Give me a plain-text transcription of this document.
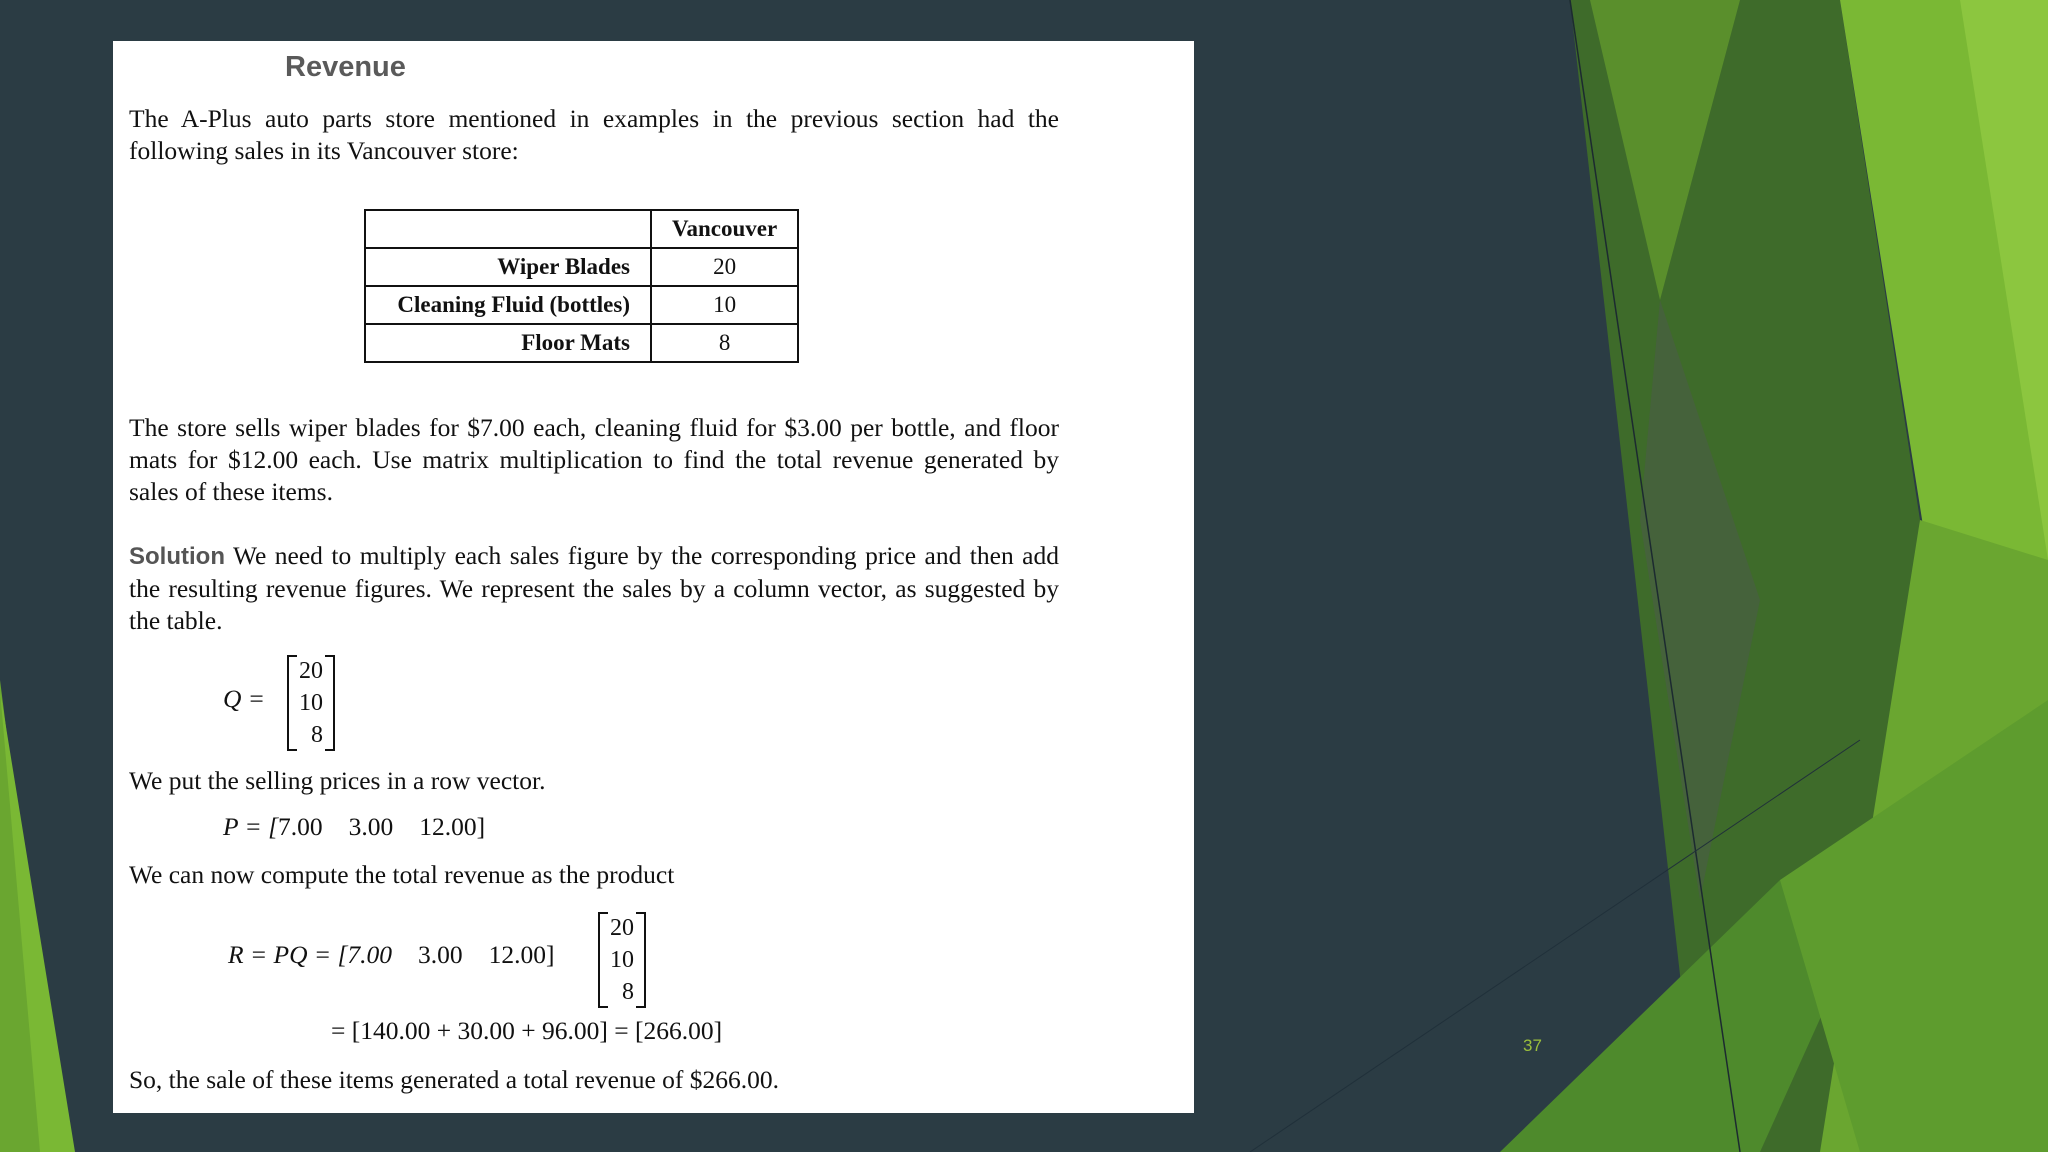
Revenue
The A-Plus auto parts store mentioned in examples in the previous section had the following sales in its Vancouver store:
	Vancouver
Wiper Blades	20
Cleaning Fluid (bottles)	10
Floor Mats	8
The store sells wiper blades for $7.00 each, cleaning fluid for $3.00 per bottle, and floor mats for $12.00 each. Use matrix multiplication to find the total revenue generated by sales of these items.
Solution We need to multiply each sales figure by the corresponding price and then add the resulting revenue figures. We represent the sales by a column vector, as suggested by the table.
Q =
20
10
8
We put the selling prices in a row vector.
P = [7.00 3.00 12.00]
We can now compute the total revenue as the product
R = PQ = [7.00 3.00 12.00]
20
10
8
= [140.00 + 30.00 + 96.00] = [266.00]
So, the sale of these items generated a total revenue of $266.00.
37
